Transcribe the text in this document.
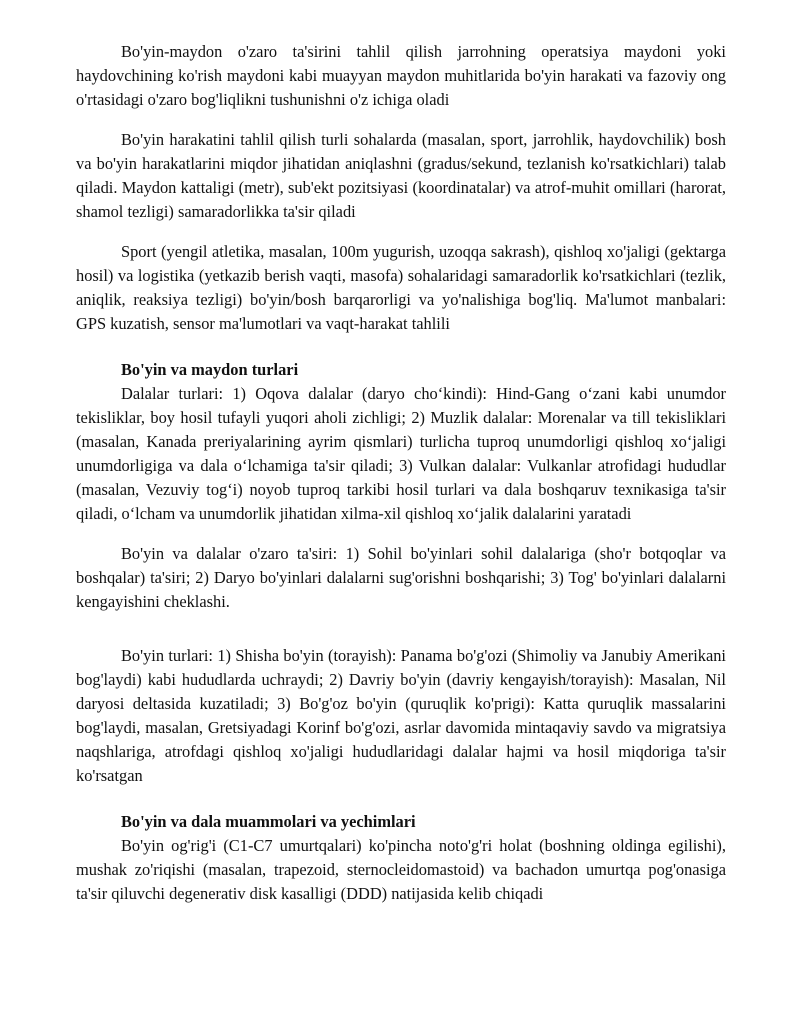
Bo'yin-maydon o'zaro ta'sirini tahlil qilish jarrohning operatsiya maydoni yoki haydovchining ko'rish maydoni kabi muayyan maydon muhitlarida bo'yin harakati va fazoviy ong o'rtasidagi o'zaro bog'liqlikni tushunishni o'z ichiga oladi

Bo'yin harakatini tahlil qilish turli sohalarda (masalan, sport, jarrohlik, haydovchilik) bosh va bo'yin harakatlarini miqdor jihatidan aniqlashni (gradus/sekund, tezlanish ko'rsatkichlari) talab qiladi. Maydon kattaligi (metr), sub'ekt pozitsiyasi (koordinatalar) va atrof-muhit omillari (harorat, shamol tezligi) samaradorlikka ta'sir qiladi

Sport (yengil atletika, masalan, 100m yugurish, uzoqqa sakrash), qishloq xo'jaligi (gektarga hosil) va logistika (yetkazib berish vaqti, masofa) sohalaridagi samaradorlik ko'rsatkichlari (tezlik, aniqlik, reaksiya tezligi) bo'yin/bosh barqarorligi va yo'nalishiga bog'liq. Ma'lumot manbalari: GPS kuzatish, sensor ma'lumotlari va vaqt-harakat tahlili

Bo'yin va maydon turlari

Dalalar turlari: 1) Oqova dalalar (daryo cho‘kindi): Hind-Gang o‘zani kabi unumdor tekisliklar, boy hosil tufayli yuqori aholi zichligi; 2) Muzlik dalalar: Morenalar va till tekisliklari (masalan, Kanada preriyalarining ayrim qismlari) turlicha tuproq unumdorligi qishloq xo‘jaligi unumdorligiga va dala o‘lchamiga ta'sir qiladi; 3) Vulkan dalalar: Vulkanlar atrofidagi hududlar (masalan, Vezuviy tog‘i) noyob tuproq tarkibi hosil turlari va dala boshqaruv texnikasiga ta'sir qiladi, o‘lcham va unumdorlik jihatidan xilma-xil qishloq xo‘jalik dalalarini yaratadi

Bo'yin va dalalar o'zaro ta'siri: 1) Sohil bo'yinlari sohil dalalariga (sho'r botqoqlar va boshqalar) ta'siri; 2) Daryo bo'yinlari dalalarni sug'orishni boshqarishi; 3) Tog' bo'yinlari dalalarni kengayishini cheklashi.

Bo'yin turlari: 1) Shisha bo'yin (torayish): Panama bo'g'ozi (Shimoliy va Janubiy Amerikani bog'laydi) kabi hududlarda uchraydi; 2) Davriy bo'yin (davriy kengayish/torayish): Masalan, Nil daryosi deltasida kuzatiladi; 3) Bo'g'oz bo'yin (quruqlik ko'prigi): Katta quruqlik massalarini bog'laydi, masalan, Gretsiyadagi Korinf bo'g'ozi, asrlar davomida mintaqaviy savdo va migratsiya naqshlariga, atrofdagi qishloq xo'jaligi hududlaridagi dalalar hajmi va hosil miqdoriga ta'sir ko'rsatgan

Bo'yin va dala muammolari va yechimlari

Bo'yin og'rig'i (C1-C7 umurtqalari) ko'pincha noto'g'ri holat (boshning oldinga egilishi), mushak zo'riqishi (masalan, trapezoid, sternocleidomastoid) va bachadon umurtqa pog'onasiga ta'sir qiluvchi degenerativ disk kasalligi (DDD) natijasida kelib chiqadi
